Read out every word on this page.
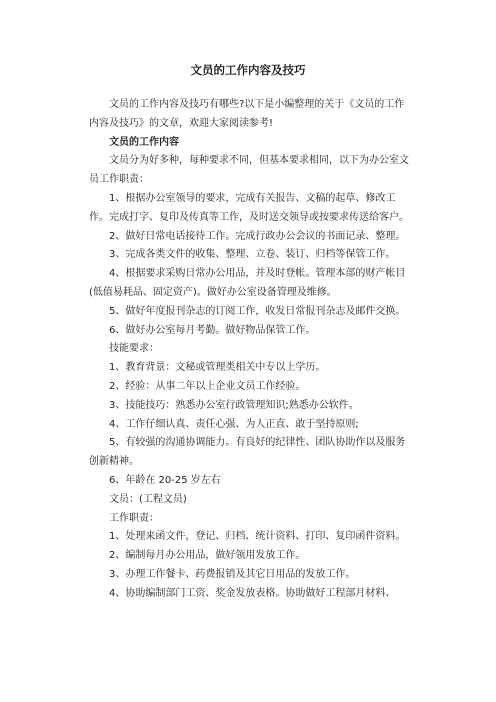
文员的工作内容及技巧

文员的工作内容及技巧有哪些?以下是小编整理的关于《文员的工作内容及技巧》的文章，欢迎大家阅读参考!

文员的工作内容

文员分为好多种，每种要求不同，但基本要求相同，以下为办公室文员工作职责：

1、根据办公室领导的要求，完成有关报告、文稿的起草、修改工作。完成打字、复印及传真等工作，及时送交领导或按要求传送给客户。

2、做好日常电话接待工作。完成行政办公会议的书面记录、整理。

3、完成各类文件的收集、整理、立卷、装订、归档等保管工作。

4、根据要求采购日常办公用品，并及时登帐。管理本部的财产帐目(低值易耗品、固定资产)。做好办公室设备管理及维修。

5、做好年度报刊杂志的订阅工作，收发日常报刊杂志及邮件交换。

6、做好办公室每月考勤。做好物品保管工作。

技能要求：

1、教育背景：文秘或管理类相关中专以上学历。

2、经验：从事二年以上企业文员工作经验。

3、技能技巧：熟悉办公室行政管理知识;熟悉办公软件。

4、工作仔细认真、责任心强、为人正直、敢于坚持原则;

5、有较强的沟通协调能力。有良好的纪律性、团队协助作以及服务创新精神。

6、年龄在 20-25 岁左右

文员：(工程文员)

工作职责：

1、处理来函文件，登记、归档、统计资料、打印、复印函件资料。

2、编制每月办公用品，做好领用发放工作。

3、办理工作餐卡、药费报销及其它日用品的发放工作。

4、协助编制部门工资、奖金发放表格。协助做好工程部月材料、
